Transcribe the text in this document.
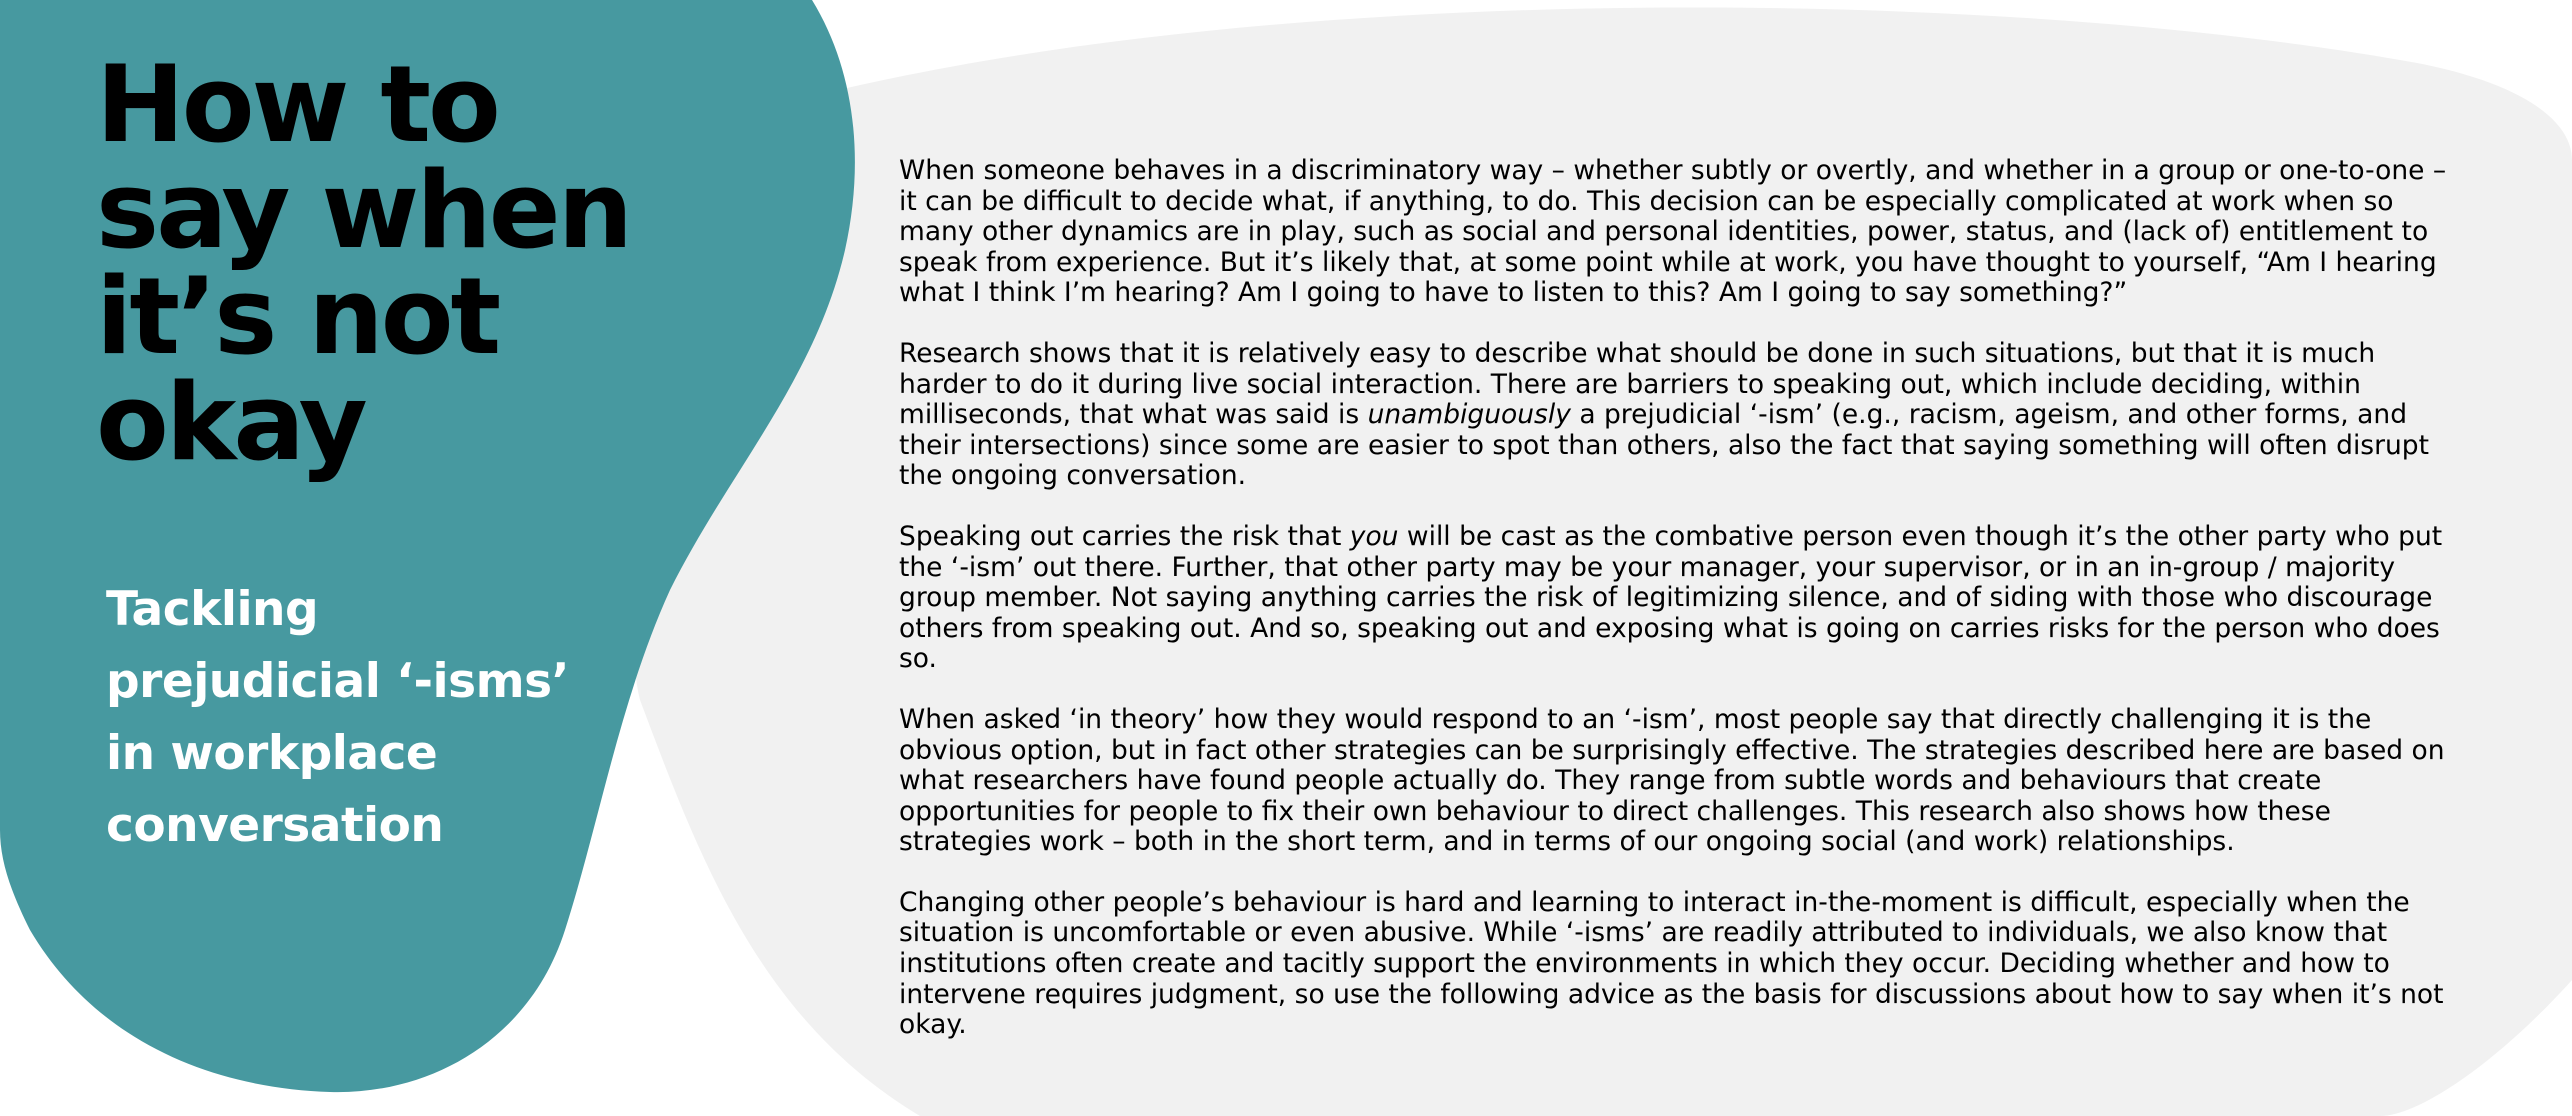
How to
say when
it’s not
okay
Tackling
prejudicial ‘-isms’
in workplace
conversation

When someone behaves in a discriminatory way – whether subtly or overtly, and whether in a group or one-to-one – it can be difficult to decide what, if anything, to do. This decision can be especially complicated at work when so many other dynamics are in play, such as social and personal identities, power, status, and (lack of) entitlement to speak from experience. But it’s likely that, at some point while at work, you have thought to yourself, “Am I hearing what I think I’m hearing? Am I going to have to listen to this? Am I going to say something?”

Research shows that it is relatively easy to describe what should be done in such situations, but that it is much harder to do it during live social interaction. There are barriers to speaking out, which include deciding, within milliseconds, that what was said is unambiguously a prejudicial ‘-ism’ (e.g., racism, ageism, and other forms, and their intersections) since some are easier to spot than others, also the fact that saying something will often disrupt the ongoing conversation.

Speaking out carries the risk that you will be cast as the combative person even though it’s the other party who put the ‘-ism’ out there. Further, that other party may be your manager, your supervisor, or in an in-group / majority group member. Not saying anything carries the risk of legitimizing silence, and of siding with those who discourage others from speaking out. And so, speaking out and exposing what is going on carries risks for the person who does so.

When asked ‘in theory’ how they would respond to an ‘-ism’, most people say that directly challenging it is the obvious option, but in fact other strategies can be surprisingly effective. The strategies described here are based on what researchers have found people actually do. They range from subtle words and behaviours that create opportunities for people to fix their own behaviour to direct challenges. This research also shows how these strategies work – both in the short term, and in terms of our ongoing social (and work) relationships.

Changing other people’s behaviour is hard and learning to interact in-the-moment is difficult, especially when the situation is uncomfortable or even abusive. While ‘-isms’ are readily attributed to individuals, we also know that institutions often create and tacitly support the environments in which they occur. Deciding whether and how to intervene requires judgment, so use the following advice as the basis for discussions about how to say when it’s not okay.
